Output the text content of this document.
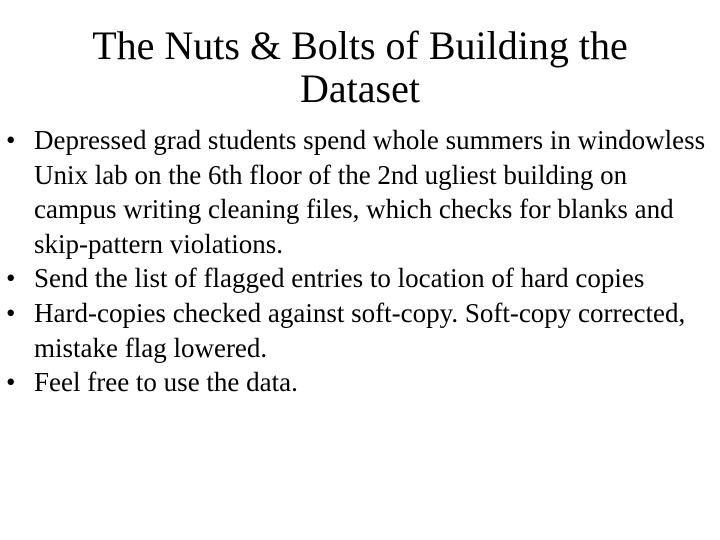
The Nuts & Bolts of Building the Dataset
• Depressed grad students spend whole summers in windowless Unix lab on the 6th floor of the 2nd ugliest building on campus writing cleaning files, which checks for blanks and skip-pattern violations.
• Send the list of flagged entries to location of hard copies
• Hard-copies checked against soft-copy. Soft-copy corrected, mistake flag lowered.
• Feel free to use the data.
